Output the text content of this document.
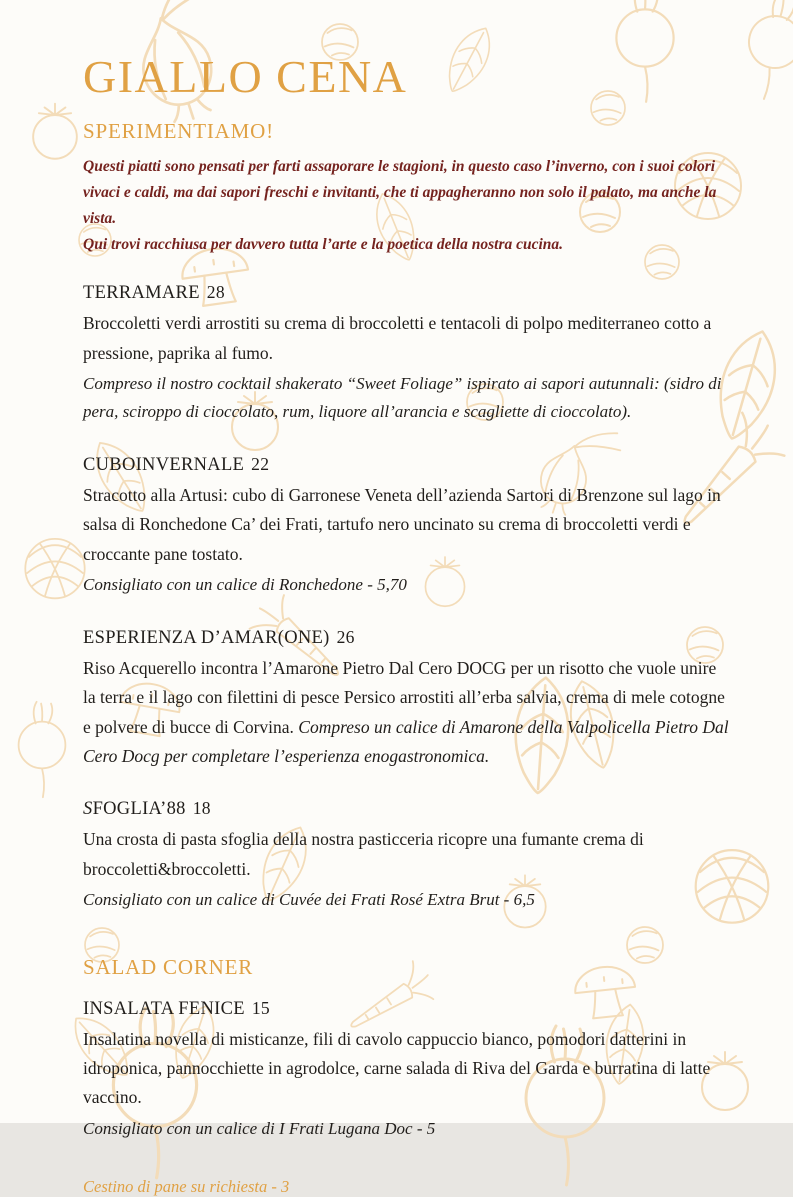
GIALLO CENA
SPERIMENTIAMO!

Questi piatti sono pensati per farti assaporare le stagioni, in questo caso l’inverno, con i suoi colori vivaci e caldi, ma dai sapori freschi e invitanti, che ti appagheranno non solo il palato, ma anche la vista.

Qui trovi racchiusa per davvero tutta l’arte e la poetica della nostra cucina.

TERRAMARE 28

Broccoletti verdi arrostiti su crema di broccoletti e tentacoli di polpo mediterraneo cotto a pressione, paprika al fumo.

Compreso il nostro cocktail shakerato “Sweet Foliage” ispirato ai sapori autunnali: (sidro di pera, sciroppo di cioccolato, rum, liquore all’arancia e scagliette di cioccolato).

CUBOINVERNALE 22

Stracotto alla Artusi: cubo di Garronese Veneta dell’azienda Sartori di Brenzone sul lago in salsa di Ronchedone Ca’ dei Frati, tartufo nero uncinato su crema di broccoletti verdi e croccante pane tostato.

Consigliato con un calice di Ronchedone - 5,70

ESPERIENZA D’AMAR(ONE) 26

Riso Acquerello incontra l’Amarone Pietro Dal Cero DOCG per un risotto che vuole unire la terra e il lago con filettini di pesce Persico arrostiti all’erba salvia, crema di mele cotogne e polvere di bucce di Corvina. Compreso un calice di Amarone della Valpolicella Pietro Dal Cero Docg per completare l’esperienza enogastronomica.

SFOGLIA’88 18

Una crosta di pasta sfoglia della nostra pasticceria ricopre una fumante crema di broccoletti&broccoletti.

Consigliato con un calice di Cuvée dei Frati Rosé Extra Brut - 6,5

SALAD CORNER
INSALATA FENICE 15

Insalatina novella di misticanze, fili di cavolo cappuccio bianco, pomodori datterini in idroponica, pannocchiette in agrodolce, carne salada di Riva del Garda e burratina di latte vaccino.

Consigliato con un calice di I Frati Lugana Doc - 5

Cestino di pane su richiesta - 3
